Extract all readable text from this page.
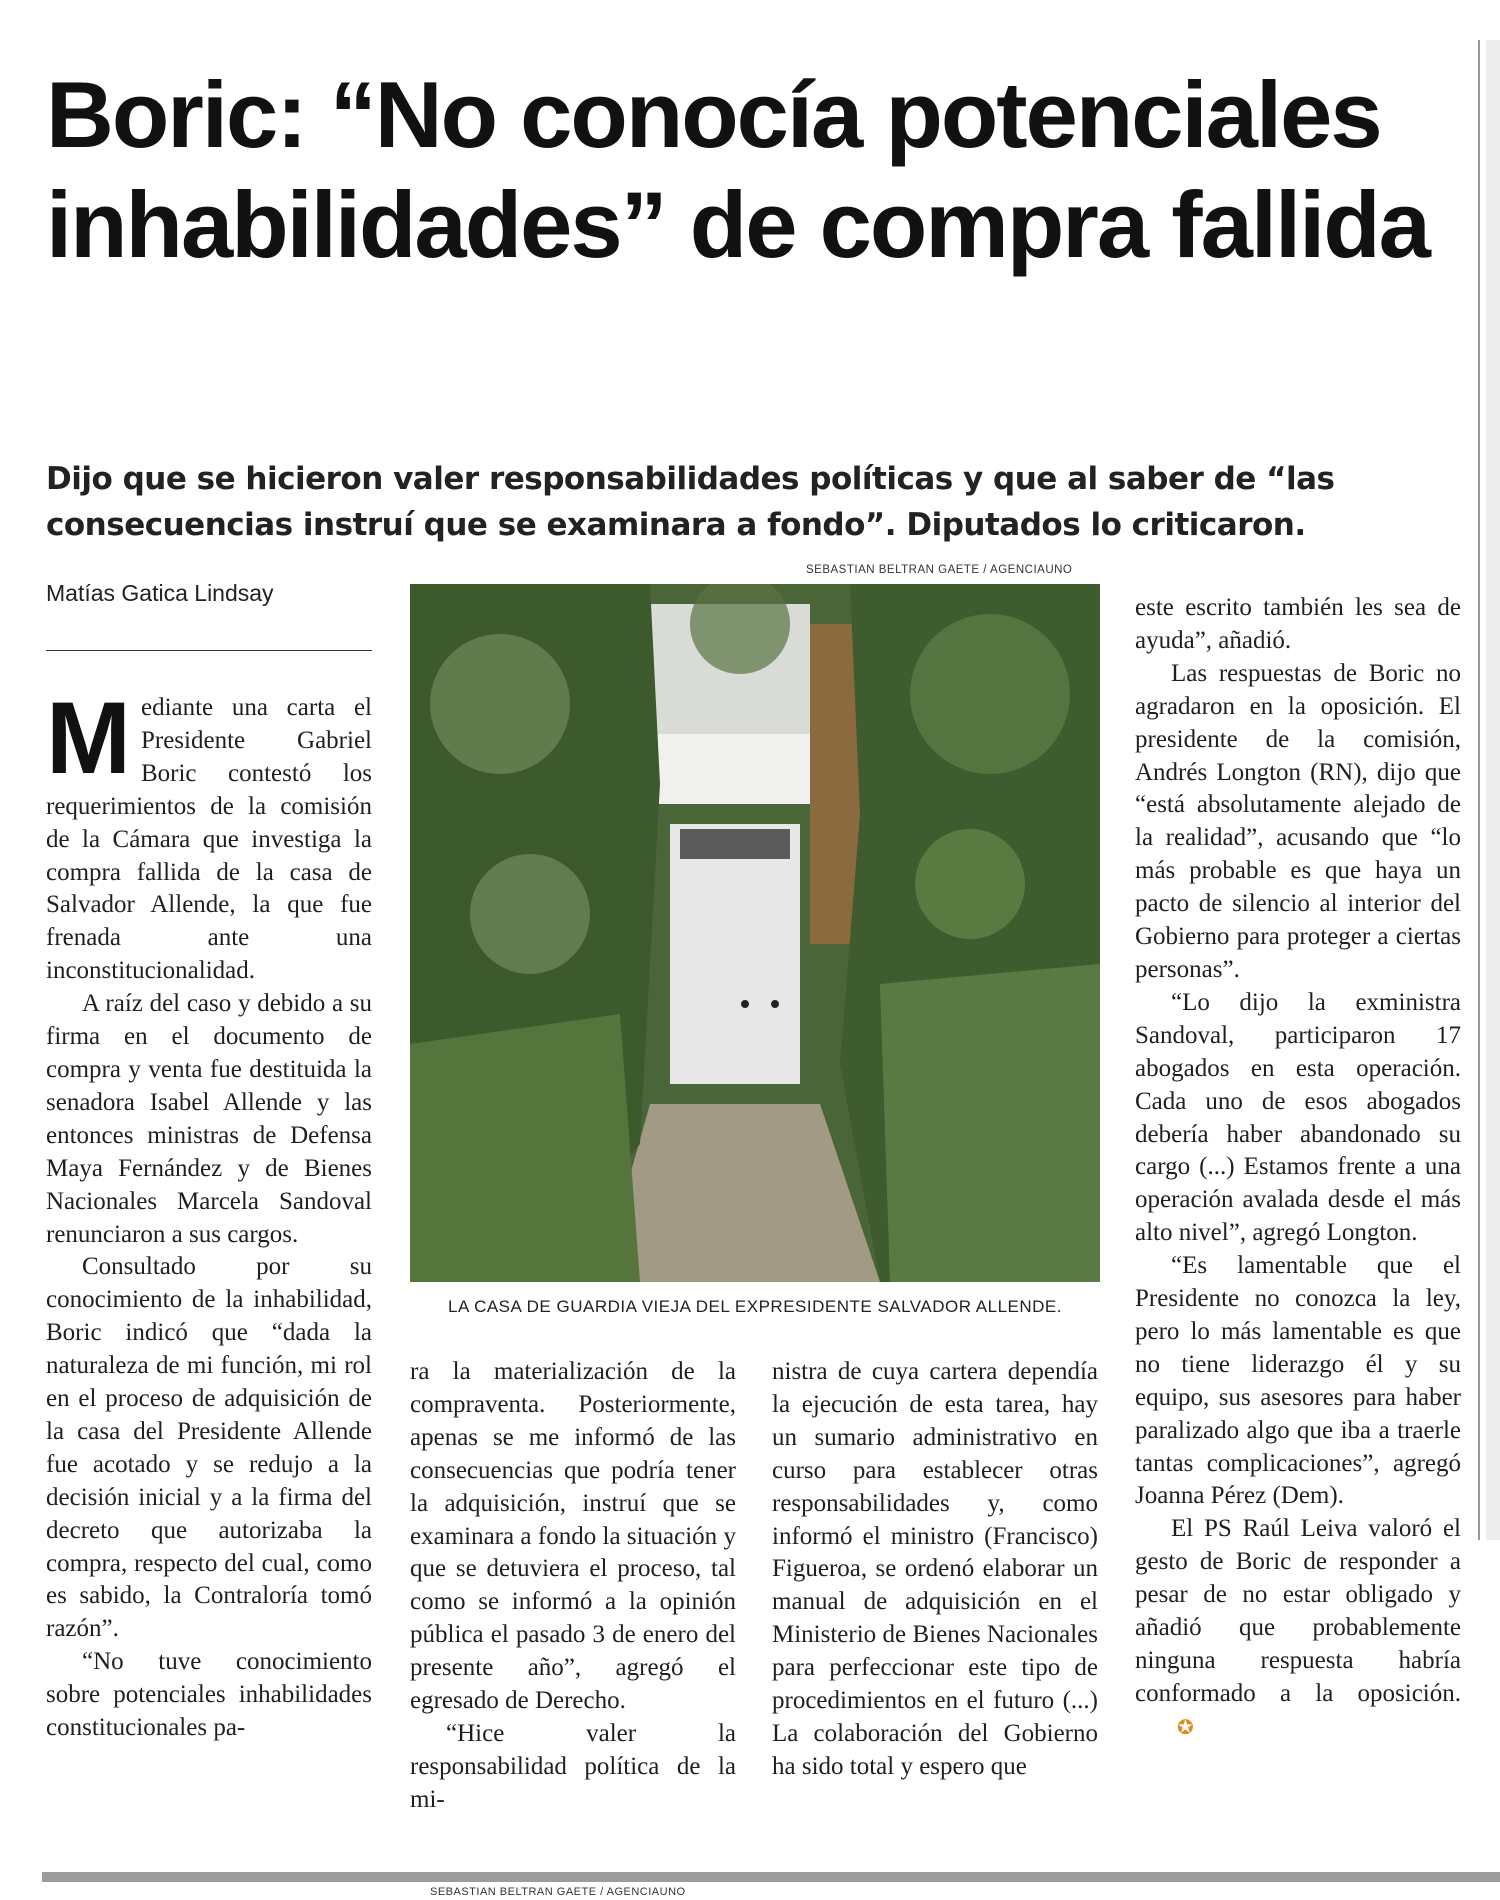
Boric: “No conocía potenciales inhabilidades” de compra fallida

Dijo que se hicieron valer responsabilidades políticas y que al saber de “las consecuencias instruí que se examinara a fondo”. Diputados lo criticaron.

SEBASTIAN BELTRAN GAETE / AGENCIAUNO
Matías Gatica Lindsay

Mediante una carta el Presidente Gabriel Boric contestó los requerimientos de la comisión de la Cámara que investiga la compra fallida de la casa de Salvador Allende, la que fue frenada ante una inconstitucionalidad.

A raíz del caso y debido a su firma en el documento de compra y venta fue destituida la senadora Isabel Allende y las entonces ministras de Defensa Maya Fernández y de Bienes Nacionales Marcela Sandoval renunciaron a sus cargos.

Consultado por su conocimiento de la inhabilidad, Boric indicó que “dada la naturaleza de mi función, mi rol en el proceso de adquisición de la casa del Presidente Allende fue acotado y se redujo a la decisión inicial y a la firma del decreto que autorizaba la compra, respecto del cual, como es sabido, la Contraloría tomó razón”.

“No tuve conocimiento sobre potenciales inhabilidades constitucionales pa-

LA CASA DE GUARDIA VIEJA DEL EXPRESIDENTE SALVADOR ALLENDE.

ra la materialización de la compraventa. Posteriormente, apenas se me informó de las consecuencias que podría tener la adquisición, instruí que se examinara a fondo la situación y que se detuviera el proceso, tal como se informó a la opinión pública el pasado 3 de enero del presente año”, agregó el egresado de Derecho.

“Hice valer la responsabilidad política de la mi-

nistra de cuya cartera dependía la ejecución de esta tarea, hay un sumario administrativo en curso para establecer otras responsabilidades y, como informó el ministro (Francisco) Figueroa, se ordenó elaborar un manual de adquisición en el Ministerio de Bienes Nacionales para perfeccionar este tipo de procedimientos en el futuro (...) La colaboración del Gobierno ha sido total y espero que

este escrito también les sea de ayuda”, añadió.

Las respuestas de Boric no agradaron en la oposición. El presidente de la comisión, Andrés Longton (RN), dijo que “está absolutamente alejado de la realidad”, acusando que “lo más probable es que haya un pacto de silencio al interior del Gobierno para proteger a ciertas personas”.

“Lo dijo la exministra Sandoval, participaron 17 abogados en esta operación. Cada uno de esos abogados debería haber abandonado su cargo (...) Estamos frente a una operación avalada desde el más alto nivel”, agregó Longton.

“Es lamentable que el Presidente no conozca la ley, pero lo más lamentable es que no tiene liderazgo él y su equipo, sus asesores para haber paralizado algo que iba a traerle tantas complicaciones”, agregó Joanna Pérez (Dem).

El PS Raúl Leiva valoró el gesto de Boric de responder a pesar de no estar obligado y añadió que probablemente ninguna respuesta habría conformado a la oposición.✪

SEBASTIAN BELTRAN GAETE / AGENCIAUNO
